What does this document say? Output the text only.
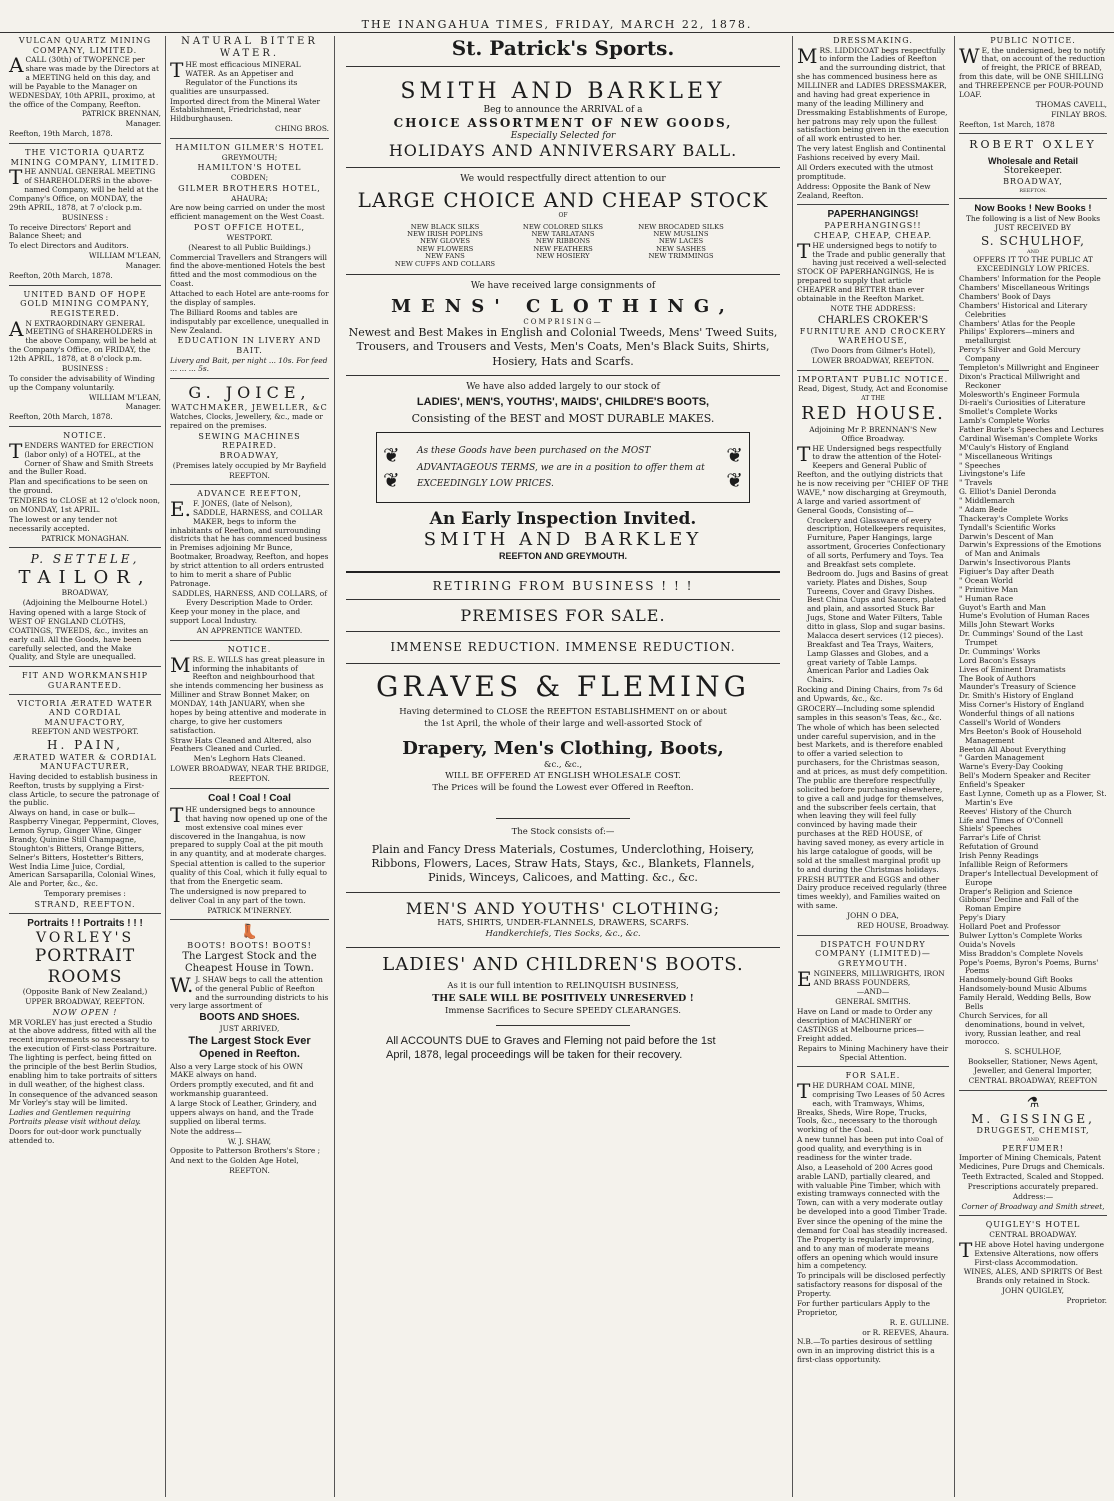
THE INANGAHUA TIMES, FRIDAY, MARCH 22, 1878.
VULCAN QUARTZ MINING COMPANY, LIMITED.

ACALL (30th) of TWOPENCE per share was made by the Directors at a MEETING held on this day, and will be Payable to the Manager on WEDNESDAY, 10th APRIL, proximo, at the office of the Company, Reefton.

PATRICK BRENNAN,

Manager.

Reefton, 19th March, 1878.

THE VICTORIA QUARTZ MINING COMPANY, LIMITED.

THE ANNUAL GENERAL MEETING of SHAREHOLDERS in the above-named Company, will be held at the Company's Office, on MONDAY, the 29th APRIL, 1878, at 7 o'clock p.m.

BUSINESS :

To receive Directors' Report and Balance Sheet; and

To elect Directors and Auditors.

WILLIAM M'LEAN,

Manager.

Reefton, 20th March, 1878.

UNITED BAND OF HOPE GOLD MINING COMPANY, REGISTERED.

AN EXTRAORDINARY GENERAL MEETING of SHAREHOLDERS in the above Company, will be held at the Company's Office, on FRIDAY, the 12th APRIL, 1878, at 8 o'clock p.m.

BUSINESS :

To consider the advisability of Winding up the Company voluntarily.

WILLIAM M'LEAN,

Manager.

Reefton, 20th March, 1878.

NOTICE.

TENDERS WANTED for ERECTION (labor only) of a HOTEL, at the Corner of Shaw and Smith Streets and the Buller Road.

Plan and specifications to be seen on the ground.

TENDERS to CLOSE at 12 o'clock noon, on MONDAY, 1st APRIL.

The lowest or any tender not necessarily accepted.

PATRICK MONAGHAN.

P. SETTELE,
TAILOR,

BROADWAY,

(Adjoining the Melbourne Hotel.)

Having opened with a large Stock of WEST OF ENGLAND CLOTHS, COATINGS, TWEEDS, &c., invites an early call. All the Goods, have been carefully selected, and the Make Quality, and Style are unequalled.

FIT AND WORKMANSHIP GUARANTEED.
VICTORIA ÆRATED WATER AND CORDIAL MANUFACTORY,

REEFTON AND WESTPORT.

H. PAIN,
ÆRATED WATER & CORDIAL MANUFACTURER,

Having decided to establish business in Reefton, trusts by supplying a First-class Article, to secure the patronage of the public.

Always on hand, in case or bulk—Raspberry Vinegar, Peppermint, Cloves, Lemon Syrup, Ginger Wine, Ginger Brandy, Quinine Still Champagne, Stoughton's Bitters, Orange Bitters, Selner's Bitters, Hostetter's Bitters, West India Lime Juice, Cordial, American Sarsaparilla, Colonial Wines, Ale and Porter, &c., &c.

Temporary premises :

STRAND, REEFTON.
Portraits ! ! Portraits ! ! !
VORLEY'S
PORTRAIT ROOMS

(Opposite Bank of New Zealand,)

UPPER BROADWAY, REEFTON.

NOW OPEN !

MR VORLEY has just erected a Studio at the above address, fitted with all the recent improvements so necessary to the execution of First-class Portraiture. The lighting is perfect, being fitted on the principle of the best Berlin Studios, enabling him to take portraits of sitters in dull weather, of the highest class.

In consequence of the advanced season Mr Vorley's stay will be limited.

Ladies and Gentlemen requiring Portraits please visit without delay.

Doors for out-door work punctually attended to.

NATURAL BITTER WATER.

THE most efficacious MINERAL WATER. As an Appetiser and Regulator of the Functions its qualities are unsurpassed.

Imported direct from the Mineral Water Establishment, Friedrichstad, near Hildburghausen.

CHING BROS.

HAMILTON GILMER'S HOTEL

GREYMOUTH;

HAMILTON'S HOTEL

COBDEN;

GILMER BROTHERS HOTEL,

AHAURA;

Are now being carried on under the most efficient management on the West Coast.

POST OFFICE HOTEL,

WESTPORT.

(Nearest to all Public Buildings.)

Commercial Travellers and Strangers will find the above-mentioned Hotels the best fitted and the most commodious on the Coast.

Attached to each Hotel are ante-rooms for the display of samples.

The Billiard Rooms and tables are indisputably par excellence, unequalled in New Zealand.

EDUCATION IN LIVERY AND BAIT.

Livery and Bait, per night ... 10s. For feed ... ... ... 5s.

G. JOICE,
WATCHMAKER, JEWELLER, &C

Watches, Clocks, Jewellery, &c., made or repaired on the premises.

SEWING MACHINES REPAIRED.
BROADWAY,

(Premises lately occupied by Mr Bayfield

REEFTON.

ADVANCE REEFTON,

E.F. JONES, (late of Nelson), SADDLE, HARNESS, and COLLAR MAKER, begs to inform the inhabitants of Reefton, and surrounding districts that he has commenced business in Premises adjoining Mr Bunce, Bootmaker, Broadway, Reefton, and hopes by strict attention to all orders entrusted to him to merit a share of Public Patronage.

SADDLES, HARNESS, AND COLLARS, of Every Description Made to Order.

Keep your money in the place, and support Local Industry.

AN APPRENTICE WANTED.

NOTICE.

MRS. E. WILLS has great pleasure in informing the inhabitants of Reefton and neighbourhood that she intends commencing her business as Milliner and Straw Bonnet Maker, on MONDAY, 14th JANUARY, when she hopes by being attentive and moderate in charge, to give her customers satisfaction.

Straw Hats Cleaned and Altered, also Feathers Cleaned and Curled.

Men's Leghorn Hats Cleaned.

LOWER BROADWAY, NEAR THE BRIDGE,

REEFTON.

Coal ! Coal ! Coal

THE undersigned begs to announce that having now opened up one of the most extensive coal mines ever discovered in the Inangahua, is now prepared to supply Coal at the pit mouth in any quantity, and at moderate charges.

Special attention is called to the superior quality of this Coal, which it fully equal to that from the Energetic seam.

The undersigned is now prepared to deliver Coal in any part of the town.

PATRICK M'INERNEY.

👢
BOOTS! BOOTS! BOOTS!
The Largest Stock and the Cheapest House in Town.

W.J. SHAW begs to call the attention of the general Public of Reefton and the surrounding districts to his very large assortment of

BOOTS AND SHOES.

JUST ARRIVED,

The Largest Stock Ever Opened in Reefton.

Also a very Large stock of his OWN MAKE always on hand.

Orders promptly executed, and fit and workmanship guaranteed.

A large Stock of Leather, Grindery, and uppers always on hand, and the Trade supplied on liberal terms.

Note the address—

W. J. SHAW,

Opposite to Patterson Brothers's Store ;

And next to the Golden Age Hotel,

REEFTON.

St. Patrick's Sports.
SMITH AND BARKLEY
Beg to announce the ARRIVAL of a
CHOICE ASSORTMENT OF NEW GOODS,
Especially Selected for
HOLIDAYS AND ANNIVERSARY BALL.
We would respectfully direct attention to our
LARGE CHOICE AND CHEAP STOCK
OF
NEW BLACK SILKS	NEW COLORED SILKS	NEW BROCADED SILKS
NEW IRISH POPLINS	NEW TARLATANS	NEW MUSLINS
NEW GLOVES	NEW RIBBONS	NEW LACES
NEW FLOWERS	NEW FEATHERS	NEW SASHES
NEW FANS	NEW HOSIERY	NEW TRIMMINGS
NEW CUFFS AND COLLARS
We have received large consignments of
MENS' CLOTHING,
COMPRISING—
Newest and Best Makes in English and Colonial Tweeds, Mens' Tweed Suits, Trousers, and Trousers and Vests, Men's Coats, Men's Black Suits, Shirts, Hosiery, Hats and Scarfs.
We have also added largely to our stock of
LADIES', MEN'S, YOUTHS', MAIDS', CHILDRE'S BOOTS,
Consisting of the BEST and MOST DURABLE MAKES.
❦	❦
❦	❦
As these Goods have been purchased on the MOST ADVANTAGEOUS TERMS, we are in a position to offer them at EXCEEDINGLY LOW PRICES.
An Early Inspection Invited.
SMITH AND BARKLEY
REEFTON AND GREYMOUTH.
RETIRING FROM BUSINESS ! ! !
PREMISES FOR SALE.
IMMENSE REDUCTION. IMMENSE REDUCTION.
GRAVES & FLEMING
Having determined to CLOSE the REEFTON ESTABLISHMENT on or about the 1st April, the whole of their large and well-assorted Stock of
Drapery, Men's Clothing, Boots,
&c., &c.,
WILL BE OFFERED AT ENGLISH WHOLESALE COST.
The Prices will be found the Lowest ever Offered in Reefton.
The Stock consists of:—
Plain and Fancy Dress Materials, Costumes, Underclothing, Hoisery, Ribbons, Flowers, Laces, Straw Hats, Stays, &c., Blankets, Flannels, Pinids, Winceys, Calicoes, and Matting. &c., &c.
MEN'S AND YOUTHS' CLOTHING;
HATS, SHIRTS, UNDER-FLANNELS, DRAWERS, SCARFS.
Handkerchiefs, Ties Socks, &c., &c.
LADIES' AND CHILDREN'S BOOTS.
As it is our full intention to RELINQUISH BUSINESS,
THE SALE WILL BE POSITIVELY UNRESERVED !
Immense Sacrifices to Secure SPEEDY CLEARANGES.
All ACCOUNTS DUE to Graves and Fleming not paid before the 1st April, 1878, legal proceedings will be taken for their recovery.
DRESSMAKING.

MRS. LIDDICOAT begs respectfully to inform the Ladies of Reefton and the surrounding district, that she has commenced business here as MILLINER and LADIES DRESSMAKER, and having had great experience in many of the leading Millinery and Dressmaking Establishments of Europe, her patrons may rely upon the fullest satisfaction being given in the execution of all work entrusted to her.

The very latest English and Continental Fashions received by every Mail.

All Orders executed with the utmost promptitude.

Address: Opposite the Bank of New Zealand, Reefton.

PAPERHANGINGS!
PAPERHANGINGS!!
CHEAP, CHEAP, CHEAP.

THE undersigned begs to notify to the Trade and public generally that having just received a well-selected STOCK OF PAPERHANGINGS, He is prepared to supply that article CHEAPER and BETTER than ever obtainable in the Reefton Market.

NOTE THE ADDRESS:

CHARLES CROKER'S
FURNITURE AND CROCKERY WAREHOUSE,

(Two Doors from Gilmer's Hotel),

LOWER BROADWAY, REEFTON.

IMPORTANT PUBLIC NOTICE.

Read, Digest, Study, Act and Economise

AT THE

RED HOUSE.

Adjoining Mr P. BRENNAN'S New Office Broadway.

THE Undersigned begs respectfully to draw the attention of the Hotel-Keepers and General Public of Reefton, and the outlying districts that he is now receiving per "CHIEF OF THE WAVE," now discharging at Greymouth, A large and varied assortment of General Goods, Consisting of—

Crockery and Glassware of every description, Hotelkeepers requisites, Furniture, Paper Hangings, large assortment, Groceries Confectionary of all sorts, Perfumery and Toys. Tea and Breakfast sets complete. Bedroom do. Jugs and Basins of great variety. Plates and Dishes, Soup Tureens, Cover and Gravy Dishes. Best China Cups and Saucers, plated and plain, and assorted Stuck Bar Jugs, Stone and Water Filters, Table ditto in glass, Slop and sugar basins. Malacca desert services (12 pieces). Breakfast and Tea Trays, Waiters, Lamp Glasses and Globes, and a great variety of Table Lamps. American Parlor and Ladies Oak Chairs.

Rocking and Dining Chairs, from 7s 6d and Upwards, &c., &c.

GROCERY—Including some splendid samples in this season's Teas, &c., &c.

The whole of which has been selected under careful supervision, and in the best Markets, and is therefore enabled to offer a varied selection to purchasers, for the Christmas season, and at prices, as must defy competition. The public are therefore respectfully solicited before purchasing elsewhere, to give a call and judge for themselves, and the subscriber feels certain, that when leaving they will feel fully convinced by having made their purchases at the RED HOUSE, of having saved money, as every article in his large catalogue of goods, will be sold at the smallest marginal profit up to and during the Christmas holidays.

FRESH BUTTER and EGGS and other Dairy produce received regularly (three times weekly), and Families waited on with same.

JOHN O DEA,

RED HOUSE, Broadway.

DISPATCH FOUNDRY COMPANY (LIMITED)—GREYMOUTH.

ENGINEERS, MILLWRIGHTS, IRON AND BRASS FOUNDERS,

—AND—

GENERAL SMITHS.

Have on Land or made to Order any description of MACHINERY or CASTINGS at Melbourne prices—Freight added.

Repairs to Mining Machinery have their Special Attention.

FOR SALE.

THE DURHAM COAL MINE, comprising Two Leases of 50 Acres each, with Tramways, Whims, Breaks, Sheds, Wire Rope, Trucks, Tools, &c., necessary to the thorough working of the Coal.

A new tunnel has been put into Coal of good quality, and everything is in readiness for the winter trade.

Also, a Leasehold of 200 Acres good arable LAND, partially cleared, and with valuable Pine Timber, which with existing tramways connected with the Town, can with a very moderate outlay be developed into a good Timber Trade.

Ever since the opening of the mine the demand for Coal has steadily increased. The Property is regularly improving, and to any man of moderate means offers an opening which would insure him a competency.

To principals will be disclosed perfectly satisfactory reasons for disposal of the Property.

For further particulars Apply to the Proprietor,

R. E. GULLINE.

or R. REEVES, Ahaura.

N.B.—To parties desirous of settling own in an improving district this is a first-class opportunity.

PUBLIC NOTICE.

WE, the undersigned, beg to notify that, on account of the reduction of freight, the PRICE of BREAD, from this date, will be ONE SHILLING and THREEPENCE per FOUR-POUND LOAF.

THOMAS CAVELL,

FINLAY BROS.

Reefton, 1st March, 1878

ROBERT OXLEY
Wholesale and Retail
Storekeeper.
BROADWAY,

REEFTON.

Now Books ! New Books !

The following is a list of New Books JUST RECEIVED BY

S. SCHULHOF,

AND

OFFERS IT TO THE PUBLIC AT EXCEEDINGLY LOW PRICES.

Chambers' Information for the People
Chambers' Miscellaneous Writings
Chambers' Book of Days
Chambers' Historical and Literary Celebrities
Chambers' Atlas for the People
Philips' Explorers—miners and metallurgist
Percy's Silver and Gold Mercury Company
Templeton's Millwright and Engineer
Dixon's Practical Millwright and Reckoner
Molesworth's Engineer Formula
Di-raeli's Curiosities of Literature
Smollet's Complete Works
Lamb's Complete Works
Father Burke's Speeches and Lectures
Cardinal Wiseman's Complete Works
M'Cauly's History of England
" Miscellaneous Writings
" Speeches
Livingstone's Life
" Travels
G. Elliot's Daniel Deronda
" Middlemarch
" Adam Bede
Thackeray's Complete Works
Tyndall's Scientific Works
Darwin's Descent of Man
Darwin's Expressions of the Emotions of Man and Animals
Darwin's Insectivorous Plants
Figiuer's Day after Death
" Ocean World
" Primitive Man
" Human Race
Guyot's Earth and Man
Hume's Evolution of Human Races
Mills John Stewart Works
Dr. Cummings' Sound of the Last Trumpet
Dr. Cummings' Works
Lord Bacon's Essays
Lives of Eminent Dramatists
The Book of Authors
Maunder's Treasury of Science
Dr. Smith's History of England
Miss Corner's History of England
Wonderful things of all nations
Cassell's World of Wonders
Mrs Beeton's Book of Household Management
Beeton All About Everything
" Garden Management
Warne's Every-Day Cooking
Bell's Modern Speaker and Reciter
Enfield's Speaker
East Lynne, Cometh up as a Flower, St. Martin's Eve
Reeves' History of the Church
Life and Times of O'Connell
Shiels' Speeches
Farrar's Life of Christ
Refutation of Ground
Irish Penny Readings
Infallible Reign of Reformers
Draper's Intellectual Development of Europe
Draper's Religion and Science
Gibbons' Decline and Fall of the Roman Empire
Pepy's Diary
Hollard Poet and Professor
Bulwer Lytton's Complete Works
Ouida's Novels
Miss Braddon's Complete Novels
Pope's Poems, Byron's Poems, Burns' Poems
Handsomely-bound Gift Books
Handsomely-bound Music Albums
Family Herald, Wedding Bells, Bow Bells
Church Services, for all denominations, bound in velvet, ivory, Russian leather, and real morocco.

S. SCHULHOF,

Bookseller, Stationer, News Agent, Jeweller, and General Importer,

CENTRAL BROADWAY, REEFTON

⚗
M. GISSINGE,
DRUGGEST, CHEMIST,

AND

PERFUMER!

Importer of Mining Chemicals, Patent Medicines, Pure Drugs and Chemicals.

Teeth Extracted, Scaled and Stopped.

Prescriptions accurately prepared.

Address:—

Corner of Broadway and Smith street,

QUIGLEY'S HOTEL

CENTRAL BROADWAY.

THE above Hotel having undergone Extensive Alterations, now offers First-class Accommodation.

WINES, ALES, AND SPIRITS Of Best Brands only retained in Stock.

JOHN QUIGLEY,

Proprietor.
